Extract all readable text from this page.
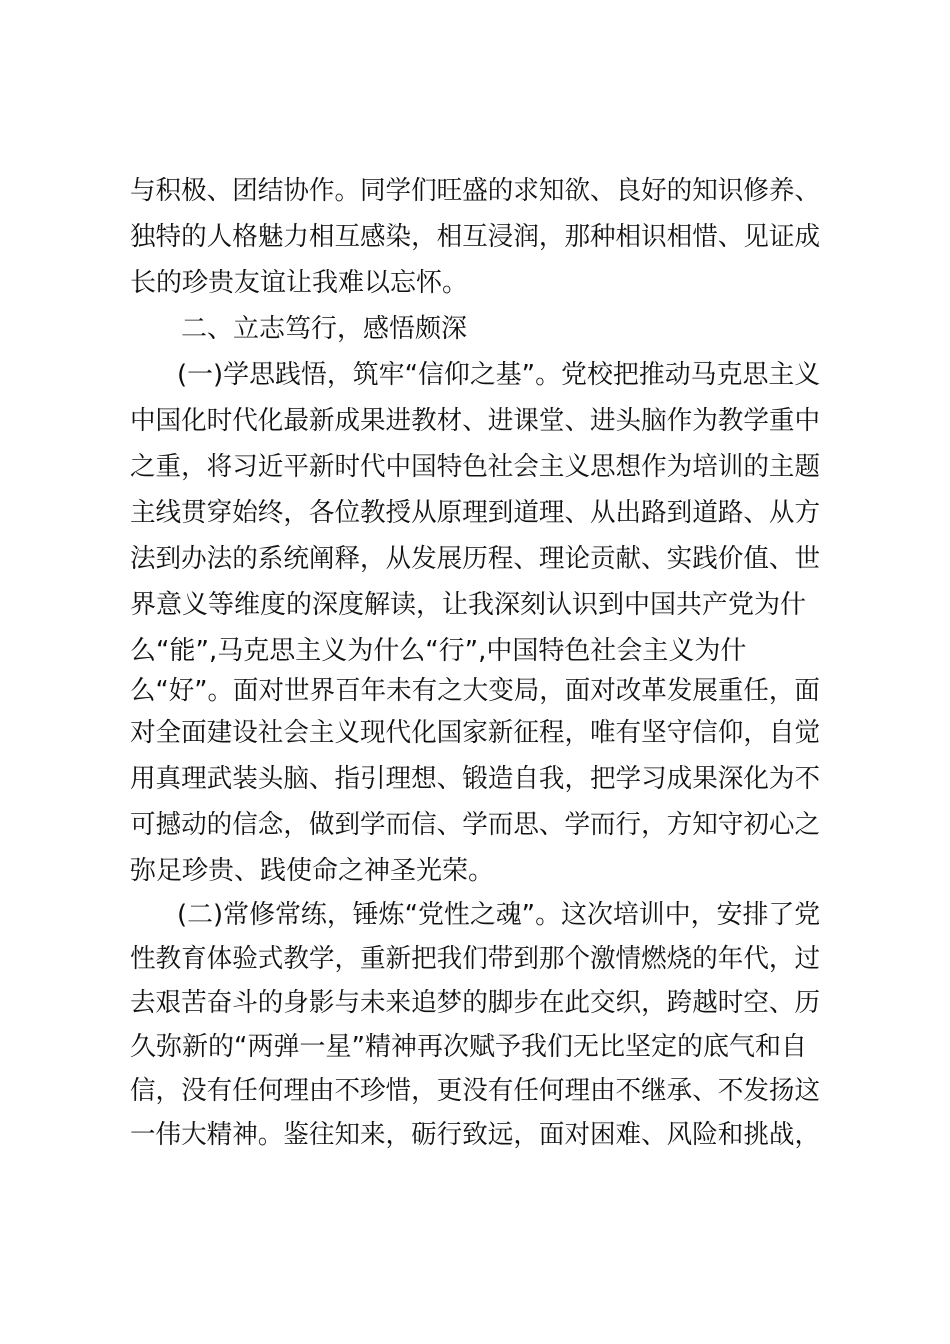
与积极、团结协作。同学们旺盛的求知欲、良好的知识修养、
独特的人格魅力相互感染，相互浸润，那种相识相惜、见证成
长的珍贵友谊让我难以忘怀。
二、立志笃行，感悟颇深
(一)学思践悟，筑牢“信仰之基”。党校把推动马克思主义
中国化时代化最新成果进教材、进课堂、进头脑作为教学重中
之重，将习近平新时代中国特色社会主义思想作为培训的主题
主线贯穿始终，各位教授从原理到道理、从出路到道路、从方
法到办法的系统阐释，从发展历程、理论贡献、实践价值、世
界意义等维度的深度解读，让我深刻认识到中国共产党为什
么“能”,马克思主义为什么“行”,中国特色社会主义为什
么“好”。面对世界百年未有之大变局，面对改革发展重任，面
对全面建设社会主义现代化国家新征程，唯有坚守信仰，自觉
用真理武装头脑、指引理想、锻造自我，把学习成果深化为不
可撼动的信念，做到学而信、学而思、学而行，方知守初心之
弥足珍贵、践使命之神圣光荣。
(二)常修常练，锤炼“党性之魂”。这次培训中，安排了党
性教育体验式教学，重新把我们带到那个激情燃烧的年代，过
去艰苦奋斗的身影与未来追梦的脚步在此交织，跨越时空、历
久弥新的“两弹一星”精神再次赋予我们无比坚定的底气和自
信，没有任何理由不珍惜，更没有任何理由不继承、不发扬这
一伟大精神。鉴往知来，砺行致远，面对困难、风险和挑战，
